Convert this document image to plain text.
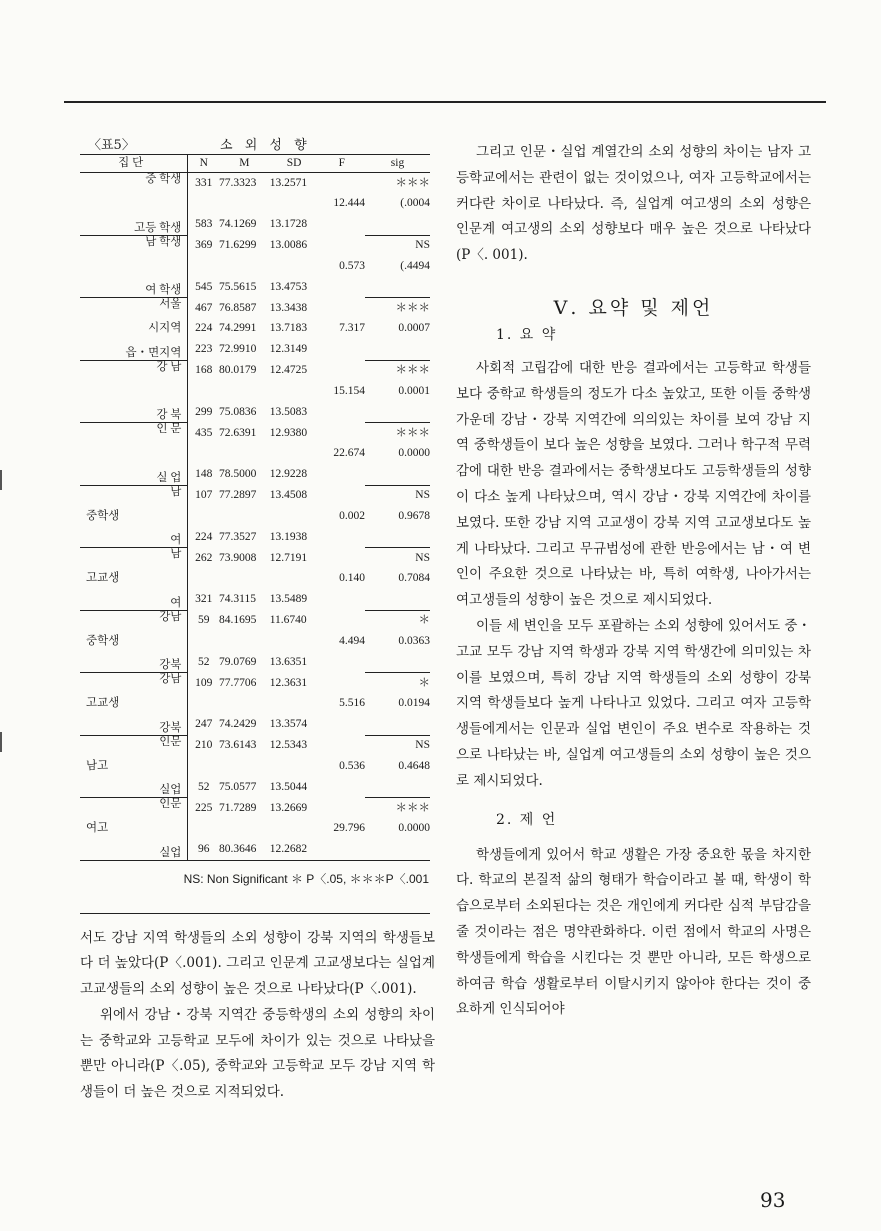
〈표5〉	소 외 성 향
집 단	N	M	SD	F	sig
중 학생	331	77.3323	13.2571		＊＊＊
				12.444	(.0004
고등 학생	583	74.1269	13.1728		
남 학생	369	71.6299	13.0086		NS
				0.573	(.4494
여 학생	545	75.5615	13.4753		
서울	467	76.8587	13.3438		＊＊＊
시지역	224	74.2991	13.7183	7.317	0.0007
읍・면지역	223	72.9910	12.3149		
강 남	168	80.0179	12.4725		＊＊＊
				15.154	0.0001
강 북	299	75.0836	13.5083		
인 문	435	72.6391	12.9380		＊＊＊
				22.674	0.0000
실 업	148	78.5000	12.9228		
남	107	77.2897	13.4508		NS
중학생				0.002	0.9678
여	224	77.3527	13.1938		
남	262	73.9008	12.7191		NS
고교생				0.140	0.7084
여	321	74.3115	13.5489		
강남	59	84.1695	11.6740		＊
중학생				4.494	0.0363
강북	52	79.0769	13.6351		
강남	109	77.7706	12.3631		＊
고교생				5.516	0.0194
강북	247	74.2429	13.3574		
인문	210	73.6143	12.5343		NS
남고				0.536	0.4648
실업	52	75.0577	13.5044		
인문	225	71.7289	13.2669		＊＊＊
여고				29.796	0.0000
실업	96	80.3646	12.2682		
NS: Non Significant ＊ P〈.05, ＊＊＊P〈.001

서도 강남 지역 학생들의 소외 성향이 강북 지역의 학생들보다 더 높았다(P〈.001). 그리고 인문계 고교생보다는 실업계 고교생들의 소외 성향이 높은 것으로 나타났다(P〈.001).

위에서 강남・강북 지역간 중등학생의 소외 성향의 차이는 중학교와 고등학교 모두에 차이가 있는 것으로 나타났을 뿐만 아니라(P〈.05), 중학교와 고등학교 모두 강남 지역 학생들이 더 높은 것으로 지적되었다.

그리고 인문・실업 계열간의 소외 성향의 차이는 남자 고등학교에서는 관련이 없는 것이었으나, 여자 고등학교에서는 커다란 차이로 나타났다. 즉, 실업계 여고생의 소외 성향은 인문계 여고생의 소외 성향보다 매우 높은 것으로 나타났다(P〈. 001).

Ⅴ. 요약 및 제언
1. 요 약

사회적 고립감에 대한 반응 결과에서는 고등학교 학생들보다 중학교 학생들의 정도가 다소 높았고, 또한 이들 중학생 가운데 강남・강북 지역간에 의의있는 차이를 보여 강남 지역 중학생들이 보다 높은 성향을 보였다. 그러나 학구적 무력감에 대한 반응 결과에서는 중학생보다도 고등학생들의 성향이 다소 높게 나타났으며, 역시 강남・강북 지역간에 차이를 보였다. 또한 강남 지역 고교생이 강북 지역 고교생보다도 높게 나타났다. 그리고 무규범성에 관한 반응에서는 남・여 변인이 주요한 것으로 나타났는 바, 특히 여학생, 나아가서는 여고생들의 성향이 높은 것으로 제시되었다.

이들 세 변인을 모두 포괄하는 소외 성향에 있어서도 중・고교 모두 강남 지역 학생과 강북 지역 학생간에 의미있는 차이를 보였으며, 특히 강남 지역 학생들의 소외 성향이 강북 지역 학생들보다 높게 나타나고 있었다. 그리고 여자 고등학생들에게서는 인문과 실업 변인이 주요 변수로 작용하는 것으로 나타났는 바, 실업계 여고생들의 소외 성향이 높은 것으로 제시되었다.

2. 제 언

학생들에게 있어서 학교 생활은 가장 중요한 몫을 차지한다. 학교의 본질적 삶의 형태가 학습이라고 볼 때, 학생이 학습으로부터 소외된다는 것은 개인에게 커다란 심적 부담감을 줄 것이라는 점은 명약관화하다. 이런 점에서 학교의 사명은 학생들에게 학습을 시킨다는 것 뿐만 아니라, 모든 학생으로 하여금 학습 생활로부터 이탈시키지 않아야 한다는 것이 중요하게 인식되어야

93
